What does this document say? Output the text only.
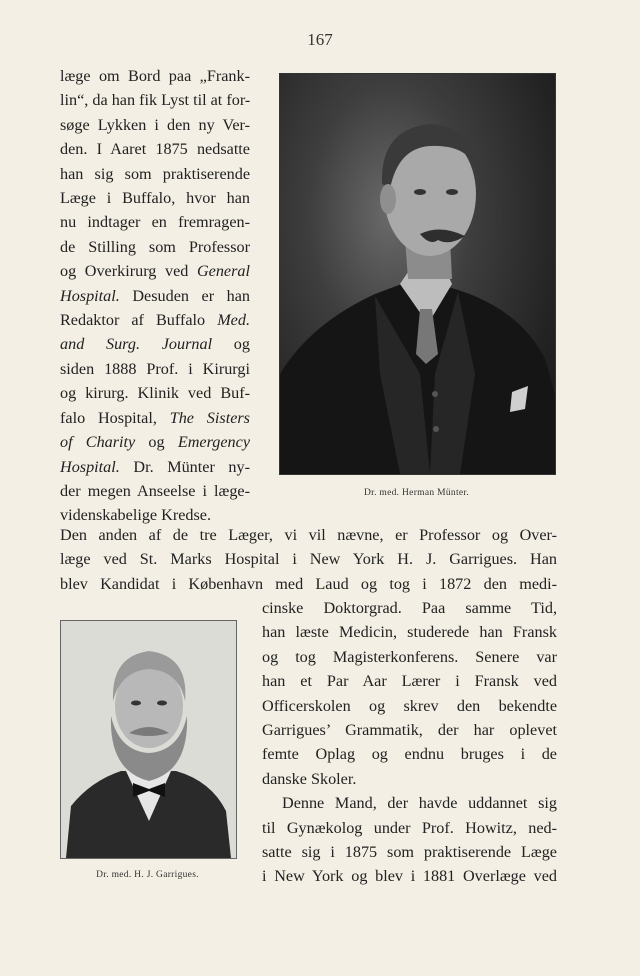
167
læge om Bord paa „Frank-
lin“, da han fik Lyst til at for-
søge Lykken i den ny Ver-
den. I Aaret 1875 nedsatte
han sig som praktiserende
Læge i Buffalo, hvor han
nu indtager en fremragen-
de Stilling som Professor
og Overkirurg ved General
Hospital. Desuden er han
Redaktor af Buffalo Med.
and Surg. Journal og
siden 1888 Prof. i Kirurgi
og kirurg. Klinik ved Buf-
falo Hospital, The Sisters
of Charity og Emergency
Hospital. Dr. Münter ny-
der megen Anseelse i læge-
videnskabelige Kredse.
Dr. med. Herman Münter.
Den anden af de tre Læger, vi vil nævne, er Professor og Over-
læge ved St. Marks Hospital i New York H. J. Garrigues. Han
blev Kandidat i København med Laud og tog i 1872 den medi-
Dr. med. H. J. Garrigues.
cinske Doktorgrad. Paa samme Tid,
han læste Medicin, studerede han Fransk
og tog Magisterkonferens. Senere var
han et Par Aar Lærer i Fransk ved
Officerskolen og skrev den bekendte
Garrigues’ Grammatik, der har oplevet
femte Oplag og endnu bruges i de
danske Skoler.
Denne Mand, der havde uddannet sig
til Gynækolog under Prof. Howitz, ned-
satte sig i 1875 som praktiserende Læge
i New York og blev i 1881 Overlæge ved
